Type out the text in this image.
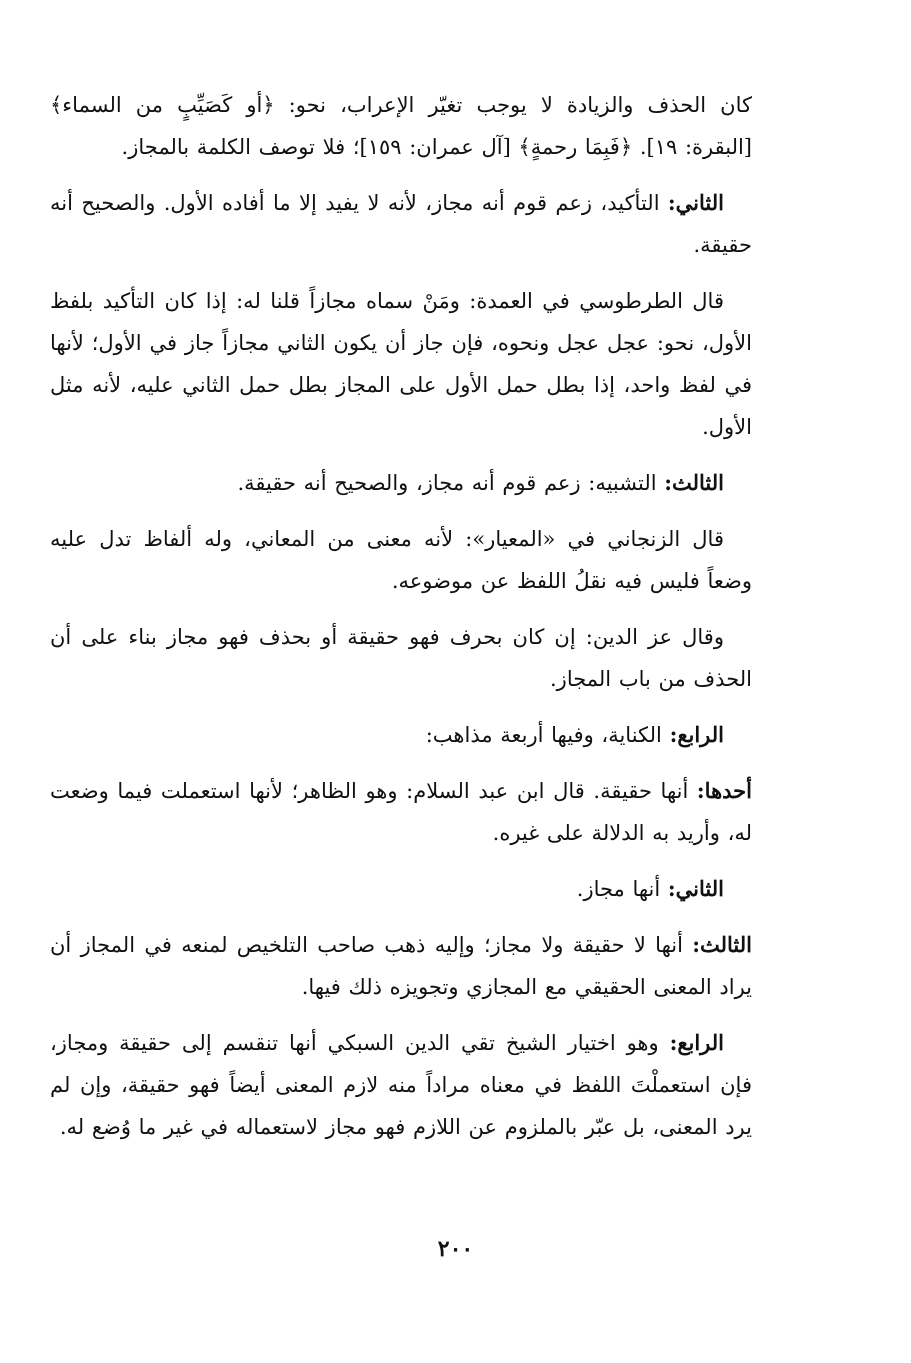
كان الحذف والزيادة لا يوجب تغيّر الإعراب، نحو: ﴿أو كَصَيِّبٍ من السماء﴾ [البقرة: ١٩]. ﴿فَبِمَا رحمةٍ﴾ [آل عمران: ١٥٩]؛ فلا توصف الكلمة بالمجاز.

الثاني: التأكيد، زعم قوم أنه مجاز، لأنه لا يفيد إلا ما أفاده الأول. والصحيح أنه حقيقة.

قال الطرطوسي في العمدة: ومَنْ سماه مجازاً قلنا له: إذا كان التأكيد بلفظ الأول، نحو: عجل عجل ونحوه، فإن جاز أن يكون الثاني مجازاً جاز في الأول؛ لأنها في لفظ واحد، إذا بطل حمل الأول على المجاز بطل حمل الثاني عليه، لأنه مثل الأول.

الثالث: التشبيه: زعم قوم أنه مجاز، والصحيح أنه حقيقة.

قال الزنجاني في «المعيار»: لأنه معنى من المعاني، وله ألفاظ تدل عليه وضعاً فليس فيه نقلُ اللفظ عن موضوعه.

وقال عز الدين: إن كان بحرف فهو حقيقة أو بحذف فهو مجاز بناء على أن الحذف من باب المجاز.

الرابع: الكناية، وفيها أربعة مذاهب:

أحدها: أنها حقيقة. قال ابن عبد السلام: وهو الظاهر؛ لأنها استعملت فيما وضعت له، وأريد به الدلالة على غيره.

الثاني: أنها مجاز.

الثالث: أنها لا حقيقة ولا مجاز؛ وإليه ذهب صاحب التلخيص لمنعه في المجاز أن يراد المعنى الحقيقي مع المجازي وتجويزه ذلك فيها.

الرابع: وهو اختيار الشيخ تقي الدين السبكي أنها تنقسم إلى حقيقة ومجاز، فإن استعملْتَ اللفظ في معناه مراداً منه لازم المعنى أيضاً فهو حقيقة، وإن لم يرد المعنى، بل عبّر بالملزوم عن اللازم فهو مجاز لاستعماله في غير ما وُضع له.

٢٠٠
